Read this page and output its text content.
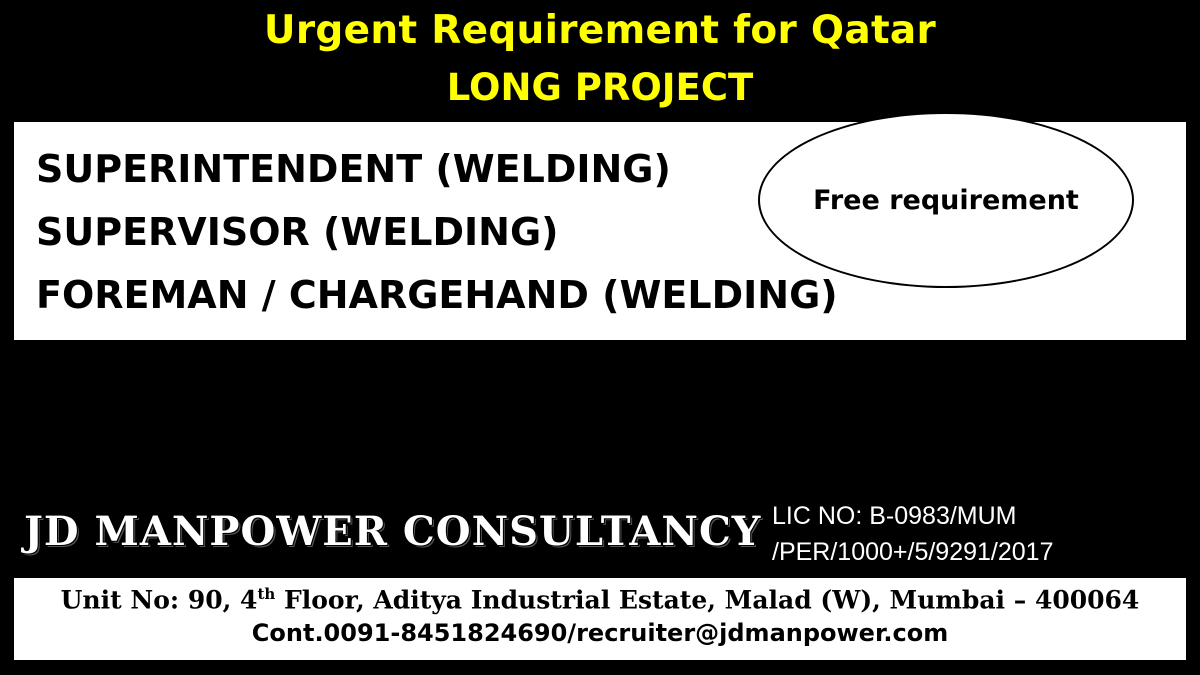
Urgent Requirement for Qatar
LONG PROJECT
SUPERINTENDENT (WELDING)
SUPERVISOR (WELDING)
FOREMAN / CHARGEHAND (WELDING)
Free requirement
JD MANPOWER CONSULTANCY LIC NO: B-0983/MUM
/PER/1000+/5/9291/2017
Unit No: 90, 4th Floor, Aditya Industrial Estate, Malad (W), Mumbai – 400064
Cont.0091-8451824690/recruiter@jdmanpower.com
